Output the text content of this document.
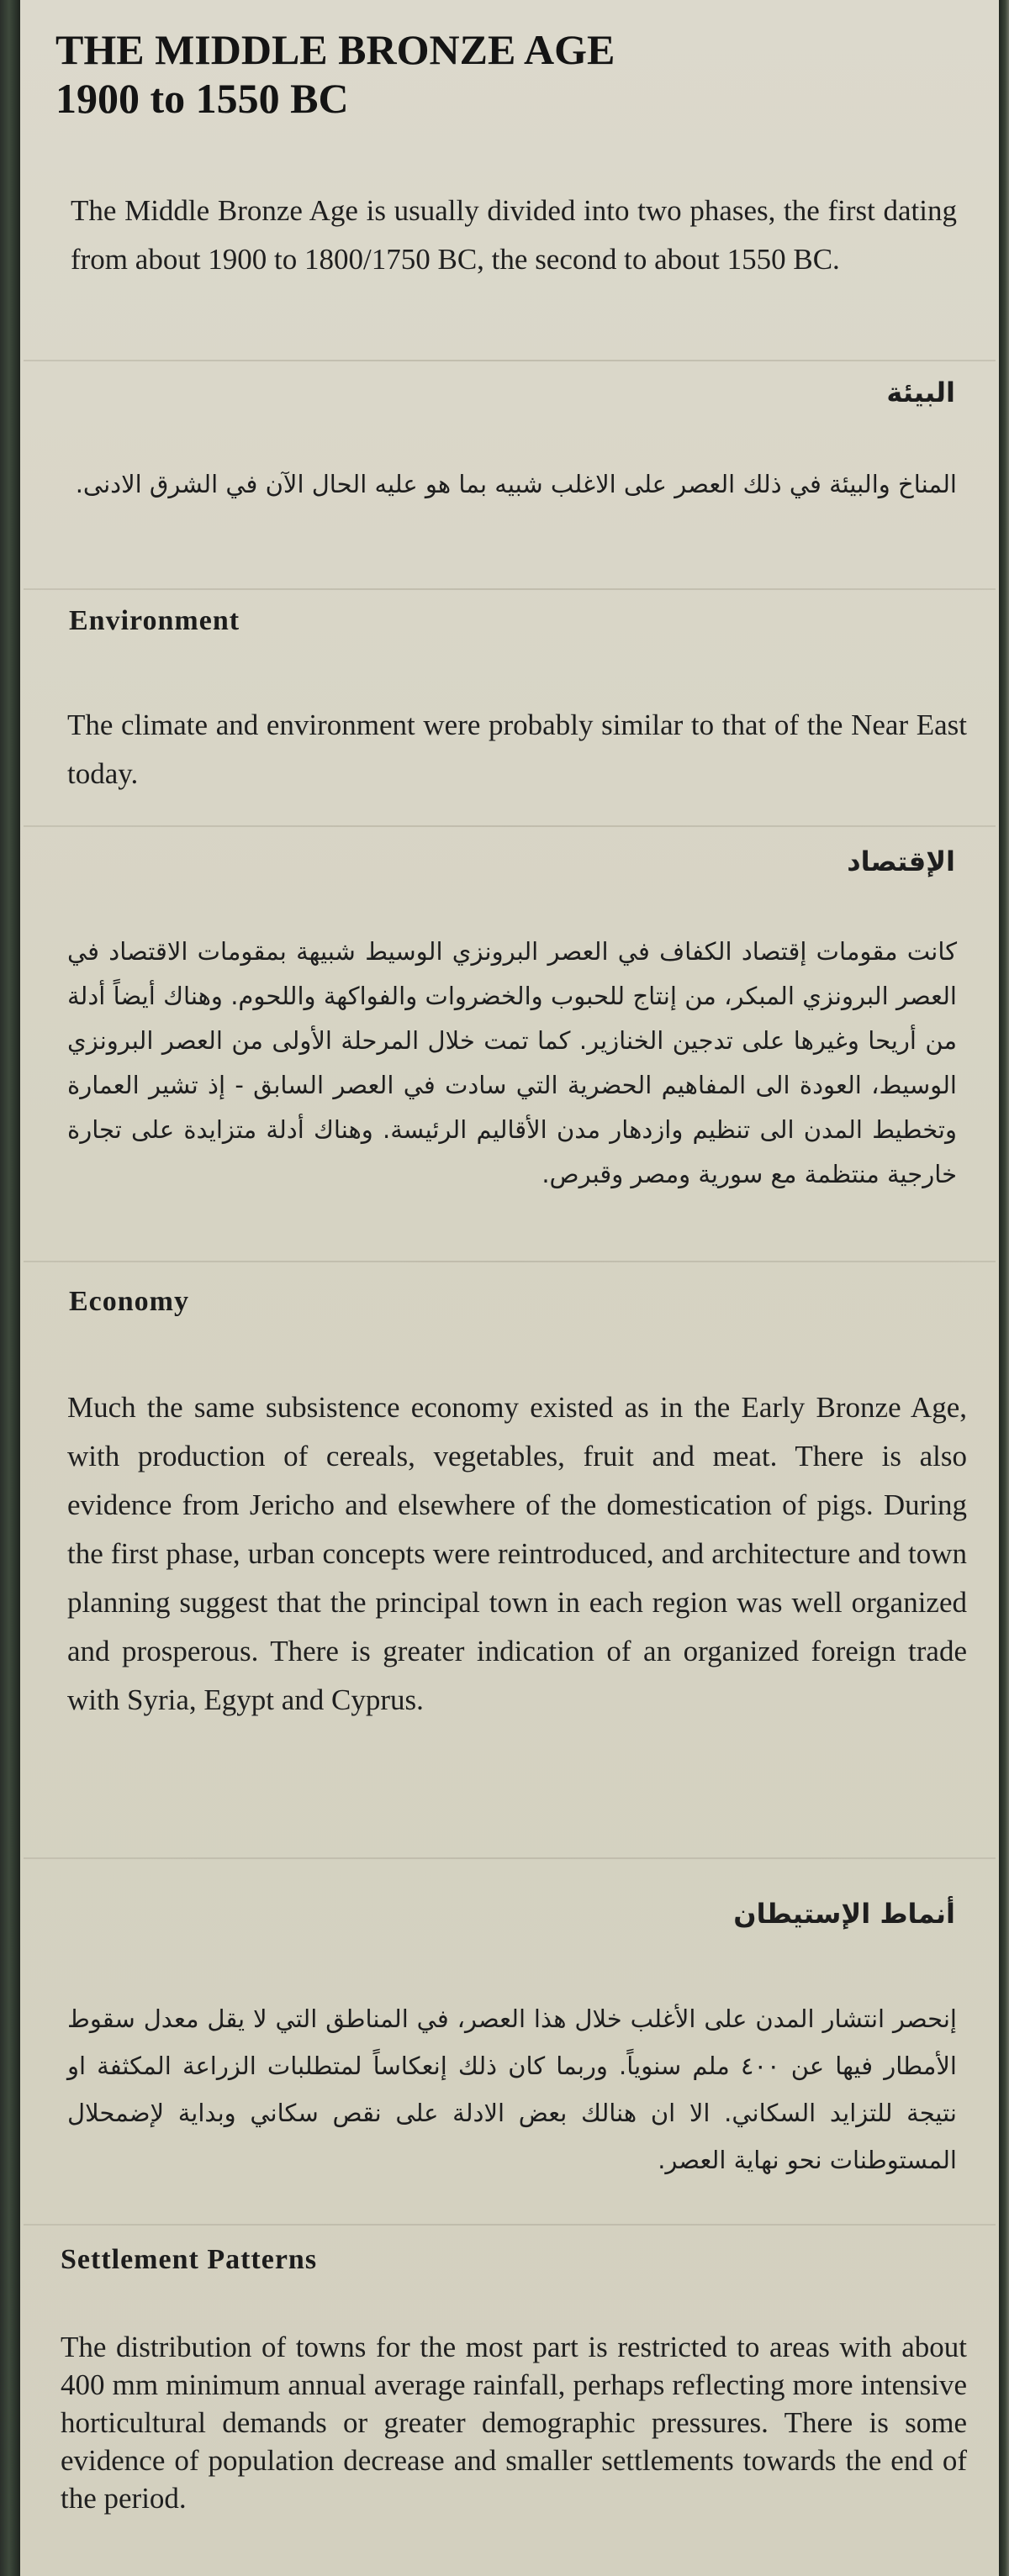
THE MIDDLE BRONZE AGE
1900 to 1550 BC

The Middle Bronze Age is usually divided into two phases, the first dating from about 1900 to 1800/1750 BC, the second to about 1550 BC.

البيئة

المناخ والبيئة في ذلك العصر على الاغلب شبيه بما هو عليه الحال الآن في الشرق الادنى.

Environment

The climate and environment were probably similar to that of the Near East today.

الإقتصاد

كانت مقومات إقتصاد الكفاف في العصر البرونزي الوسيط شبيهة بمقومات الاقتصاد في العصر البرونزي المبكر، من إنتاج للحبوب والخضروات والفواكهة واللحوم. وهناك أيضاً أدلة من أريحا وغيرها على تدجين الخنازير. كما تمت خلال المرحلة الأولى من العصر البرونزي الوسيط، العودة الى المفاهيم الحضرية التي سادت في العصر السابق - إذ تشير العمارة وتخطيط المدن الى تنظيم وازدهار مدن الأقاليم الرئيسة. وهناك أدلة متزايدة على تجارة خارجية منتظمة مع سورية ومصر وقبرص.

Economy

Much the same subsistence economy existed as in the Early Bronze Age, with production of cereals, vegetables, fruit and meat. There is also evidence from Jericho and elsewhere of the domestication of pigs. During the first phase, urban concepts were reintroduced, and architecture and town planning suggest that the principal town in each region was well organized and prosperous. There is greater indication of an organized foreign trade with Syria, Egypt and Cyprus.

أنماط الإستيطان

إنحصر انتشار المدن على الأغلب خلال هذا العصر، في المناطق التي لا يقل معدل سقوط الأمطار فيها عن ٤٠٠ ملم سنوياً. وربما كان ذلك إنعكاساً لمتطلبات الزراعة المكثفة او نتيجة للتزايد السكاني. الا ان هنالك بعض الادلة على نقص سكاني وبداية لإضمحلال المستوطنات نحو نهاية العصر.

Settlement Patterns

The distribution of towns for the most part is restricted to areas with about 400 mm minimum annual average rainfall, perhaps reflecting more intensive horticultural demands or greater demographic pressures. There is some evidence of population decrease and smaller settlements towards the end of the period.
